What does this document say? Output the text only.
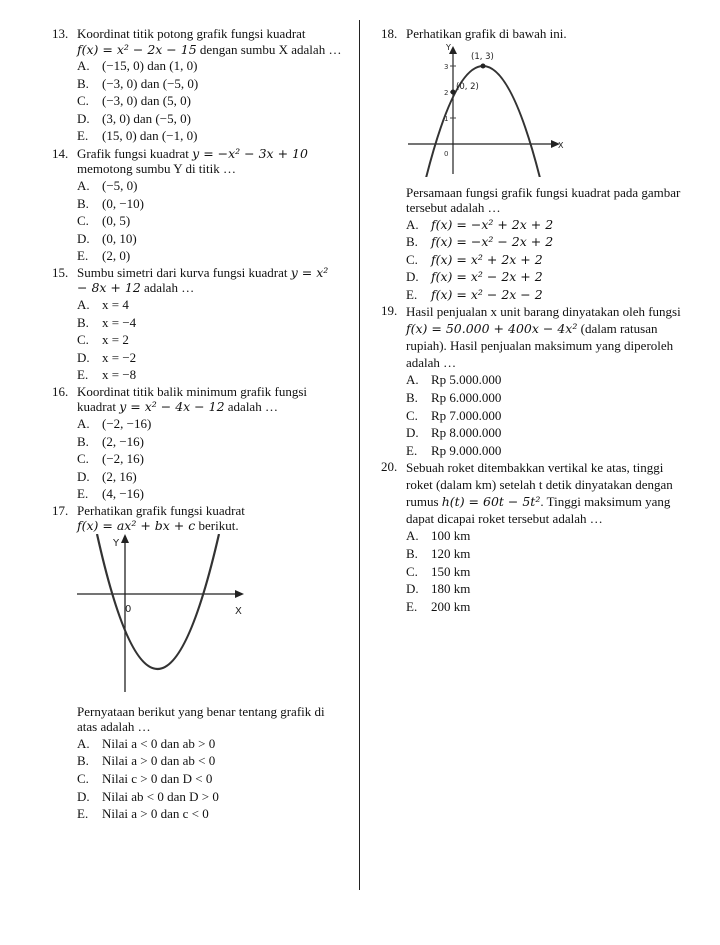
13. Koordinat titik potong grafik fungsi kuadrat
f(x) = x² − 2x − 15 dengan sumbu X adalah …
A. (−15, 0) dan (1, 0)
B.	(−3, 0) dan (−5, 0)
C.	(−3, 0) dan (5, 0)
D. (3, 0) dan (−5, 0)
E.	(15, 0) dan (−1, 0)
14. Grafik fungsi kuadrat y = −x² − 3x + 10 memotong sumbu Y di titik …
A. (−5, 0)
B.	(0, −10)
C.	(0, 5)
D. (0, 10)
E.	(2, 0)
15. Sumbu simetri dari kurva fungsi kuadrat y = x² − 8x + 12 adalah …
A. x = 4
B.	x = −4
C.	x = 2
D. x = −2
E.	x = −8
16. Koordinat titik balik minimum grafik fungsi kuadrat y = x² − 4x − 12 adalah …
A. (−2, −16)
B.	(2, −16)
C.	(−2, 16)
D. (2, 16)
E.	(4, −16)
17. Perhatikan grafik fungsi kuadrat
f(x) = ax² + bx + c berikut.
Y
X
0
Pernyataan berikut yang benar tentang grafik di atas adalah …
A. Nilai a < 0 dan ab > 0
B.	Nilai a > 0 dan ab < 0
C.	Nilai c > 0 dan D < 0
D. Nilai ab < 0 dan D > 0
E.	Nilai a > 0 dan c < 0
18. Perhatikan grafik di bawah ini.
1
2
3
(1, 3)
(0, 2)
Y
X
0
Persamaan fungsi grafik fungsi kuadrat pada gambar tersebut adalah …
A. f(x) = −x² + 2x + 2
B.	f(x) = −x² − 2x + 2
C.	f(x) = x² + 2x + 2
D. f(x) = x² − 2x + 2
E.	f(x) = x² − 2x − 2
19. Hasil penjualan x unit barang dinyatakan oleh fungsi f(x) = 50.000 + 400x − 4x² (dalam ratusan rupiah). Hasil penjualan maksimum yang diperoleh adalah …
A. Rp 5.000.000
B.	Rp 6.000.000
C.	Rp 7.000.000
D. Rp 8.000.000
E.	Rp 9.000.000
20. Sebuah roket ditembakkan vertikal ke atas, tinggi roket (dalam km) setelah t detik dinyatakan dengan rumus h(t) = 60t − 5t². Tinggi maksimum yang dapat dicapai roket tersebut adalah …
A. 100 km
B.	120 km
C.	150 km
D. 180 km
E.	200 km
